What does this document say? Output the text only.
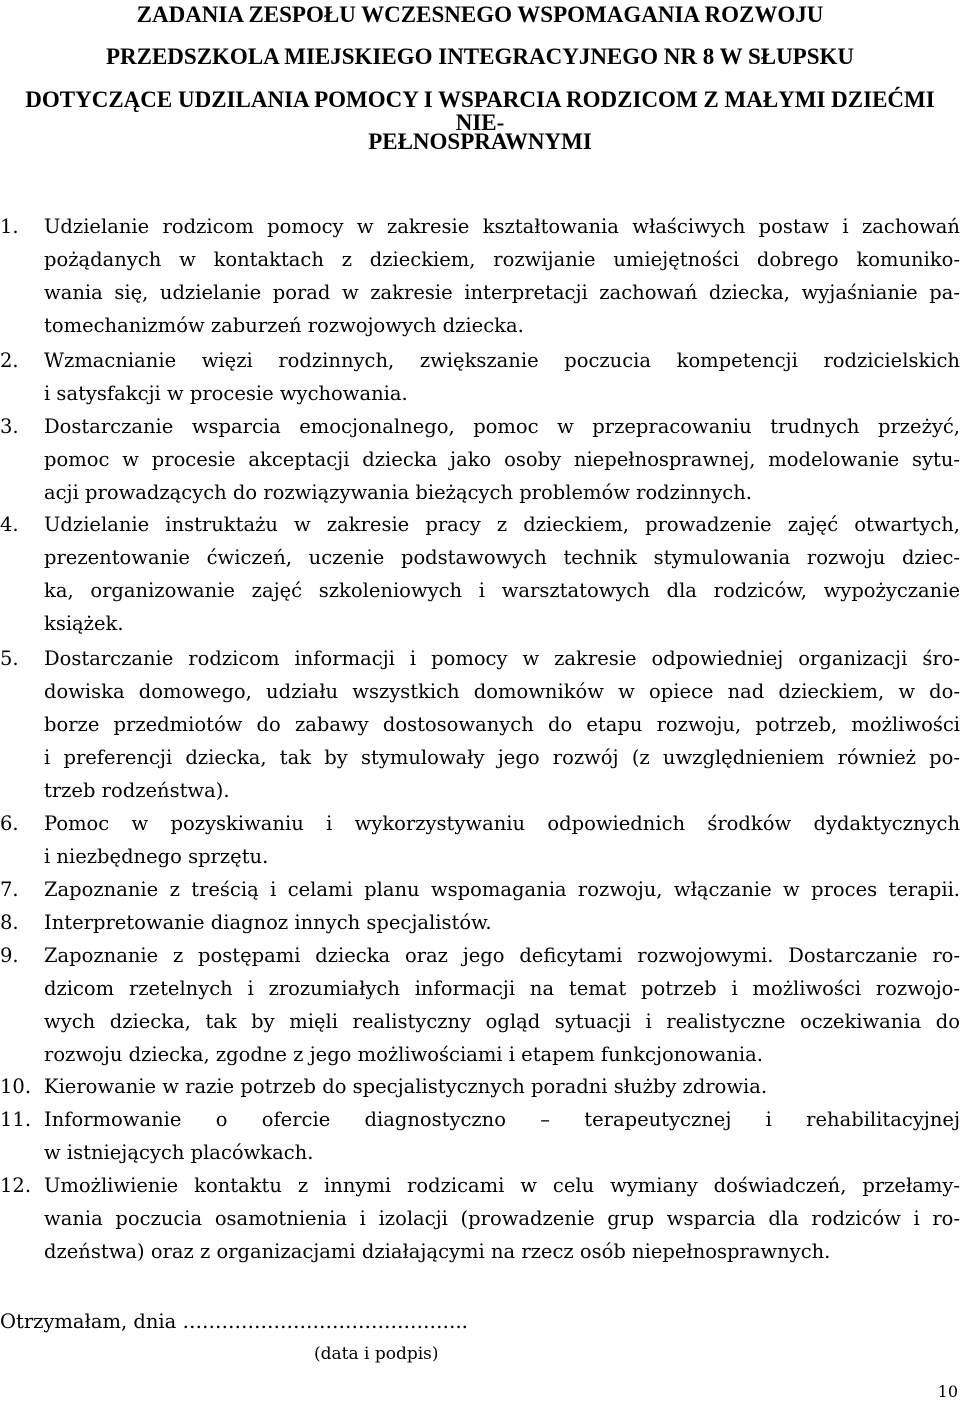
ZADANIA ZESPOŁU WCZESNEGO WSPOMAGANIA ROZWOJU
PRZEDSZKOLA MIEJSKIEGO INTEGRACYJNEGO NR 8 W SŁUPSKU
DOTYCZĄCE UDZILANIA POMOCY I WSPARCIA RODZICOM Z MAŁYMI DZIEĆMI NIE-
PEŁNOSPRAWNYMI
1. Udzielanie rodzicom pomocy w zakresie kształtowania właściwych postaw i zachowań
pożądanych w kontaktach z dzieckiem, rozwijanie umiejętności dobrego komuniko-
wania się, udzielanie porad w zakresie interpretacji zachowań dziecka, wyjaśnianie pa-
tomechanizmów zaburzeń rozwojowych dziecka.
2. Wzmacnianie więzi rodzinnych, zwiększanie poczucia kompetencji rodzicielskich
i satysfakcji w procesie wychowania.
3. Dostarczanie wsparcia emocjonalnego, pomoc w przepracowaniu trudnych przeżyć,
pomoc w procesie akceptacji dziecka jako osoby niepełnosprawnej, modelowanie sytu-
acji prowadzących do rozwiązywania bieżących problemów rodzinnych.
4. Udzielanie instruktażu w zakresie pracy z dzieckiem, prowadzenie zajęć otwartych,
prezentowanie ćwiczeń, uczenie podstawowych technik stymulowania rozwoju dziec-
ka, organizowanie zajęć szkoleniowych i warsztatowych dla rodziców, wypożyczanie
książek.
5. Dostarczanie rodzicom informacji i pomocy w zakresie odpowiedniej organizacji śro-
dowiska domowego, udziału wszystkich domowników w opiece nad dzieckiem, w do-
borze przedmiotów do zabawy dostosowanych do etapu rozwoju, potrzeb, możliwości
i preferencji dziecka, tak by stymulowały jego rozwój (z uwzględnieniem również po-
trzeb rodzeństwa).
6. Pomoc w pozyskiwaniu i wykorzystywaniu odpowiednich środków dydaktycznych
i niezbędnego sprzętu.
7. Zapoznanie z treścią i celami planu wspomagania rozwoju, włączanie w proces terapii.
8. Interpretowanie diagnoz innych specjalistów.
9. Zapoznanie z postępami dziecka oraz jego deficytami rozwojowymi. Dostarczanie ro-
dzicom rzetelnych i zrozumiałych informacji na temat potrzeb i możliwości rozwojo-
wych dziecka, tak by mięli realistyczny ogląd sytuacji i realistyczne oczekiwania do
rozwoju dziecka, zgodne z jego możliwościami i etapem funkcjonowania.
10. Kierowanie w razie potrzeb do specjalistycznych poradni służby zdrowia.
11. Informowanie o ofercie diagnostyczno – terapeutycznej i rehabilitacyjnej
w istniejących placówkach.
12. Umożliwienie kontaktu z innymi rodzicami w celu wymiany doświadczeń, przełamy-
wania poczucia osamotnienia i izolacji (prowadzenie grup wsparcia dla rodziców i ro-
dzeństwa) oraz z organizacjami działającymi na rzecz osób niepełnosprawnych.
Otrzymałam, dnia ……………………………………..
(data i podpis)
10
